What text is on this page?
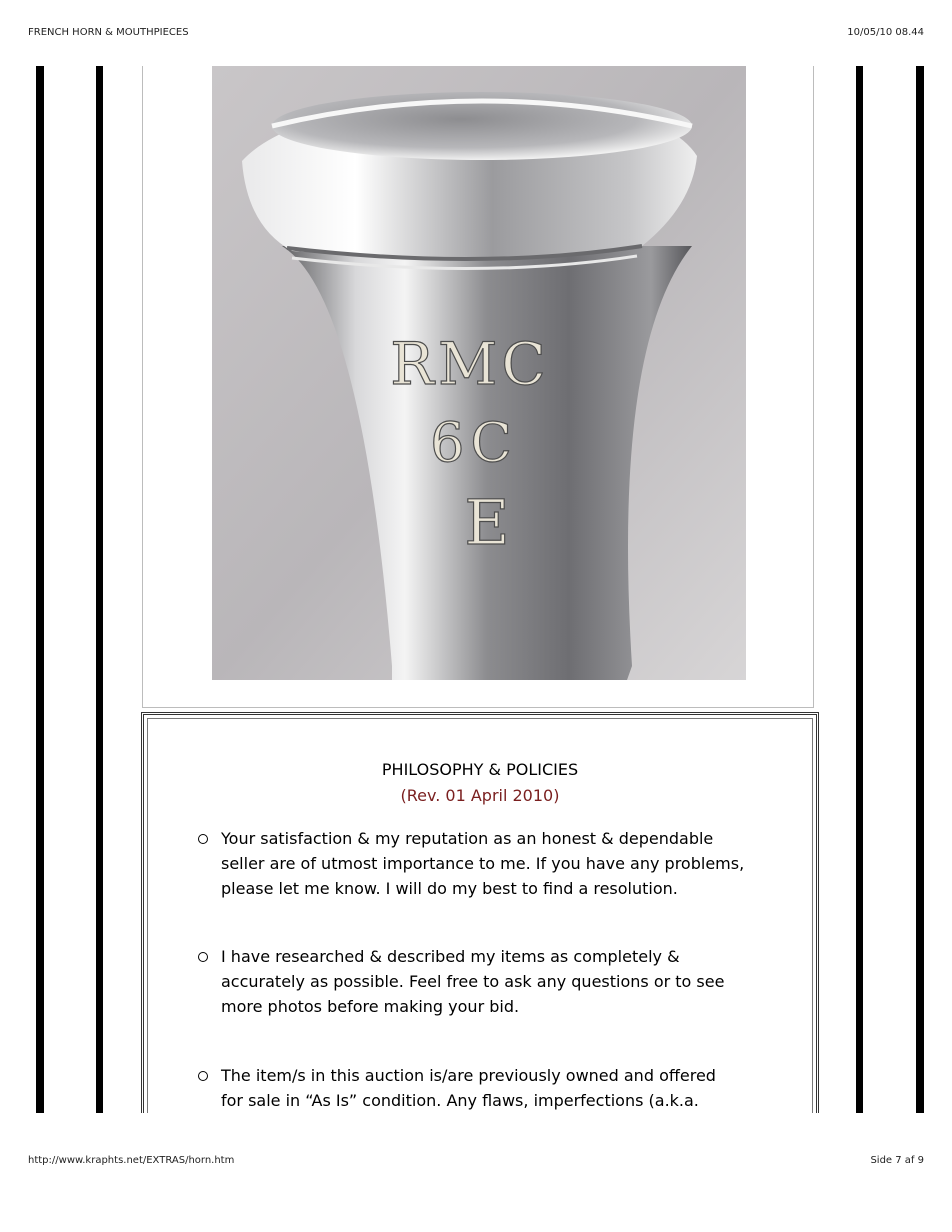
FRENCH HORN & MOUTHPIECES	10/05/10 08.44
RMC
6C
E
PHILOSOPHY & POLICIES
(Rev. 01 April 2010)
Your satisfaction & my reputation as an honest & dependable
seller are of utmost importance to me. If you have any problems,
please let me know. I will do my best to find a resolution.
I have researched & described my items as completely &
accurately as possible. Feel free to ask any questions or to see
more photos before making your bid.
The item/s in this auction is/are previously owned and offered
for sale in “As Is” condition. Any flaws, imperfections (a.k.a.
http://www.kraphts.net/EXTRAS/horn.htm	Side 7 af 9
